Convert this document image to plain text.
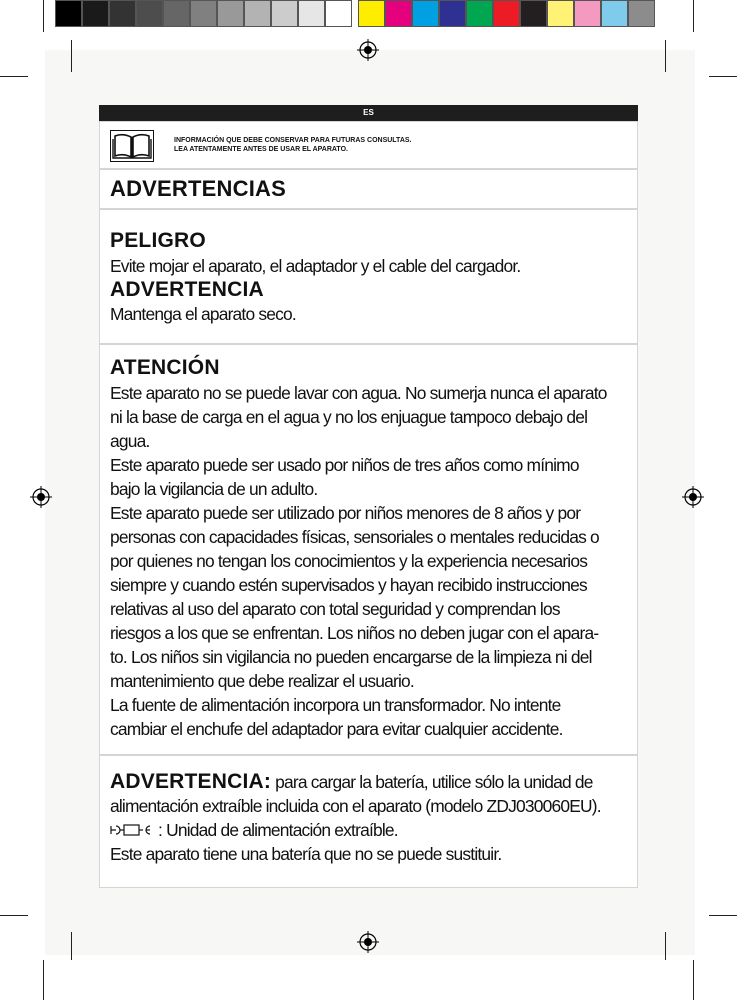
ES
INFORMACIÓN QUE DEBE CONSERVAR PARA FUTURAS CONSULTAS.
LEA ATENTAMENTE ANTES DE USAR EL APARATO.
ADVERTENCIAS
PELIGRO
Evite mojar el aparato, el adaptador y el cable del cargador.
ADVERTENCIA
Mantenga el aparato seco.
ATENCIÓN
Este aparato no se puede lavar con agua. No sumerja nunca el aparato
ni la base de carga en el agua y no los enjuague tampoco debajo del
agua.
Este aparato puede ser usado por niños de tres años como mínimo
bajo la vigilancia de un adulto.
Este aparato puede ser utilizado por niños menores de 8 años y por
personas con capacidades físicas, sensoriales o mentales reducidas o
por quienes no tengan los conocimientos y la experiencia necesarios
siempre y cuando estén supervisados y hayan recibido instrucciones
relativas al uso del aparato con total seguridad y comprendan los
riesgos a los que se enfrentan. Los niños no deben jugar con el apara-
to. Los niños sin vigilancia no pueden encargarse de la limpieza ni del
mantenimiento que debe realizar el usuario.
La fuente de alimentación incorpora un transformador. No intente
cambiar el enchufe del adaptador para evitar cualquier accidente.
ADVERTENCIA: para cargar la batería, utilice sólo la unidad de
alimentación extraíble incluida con el aparato (modelo ZDJ030060EU).
: Unidad de alimentación extraíble.
Este aparato tiene una batería que no se puede sustituir.
